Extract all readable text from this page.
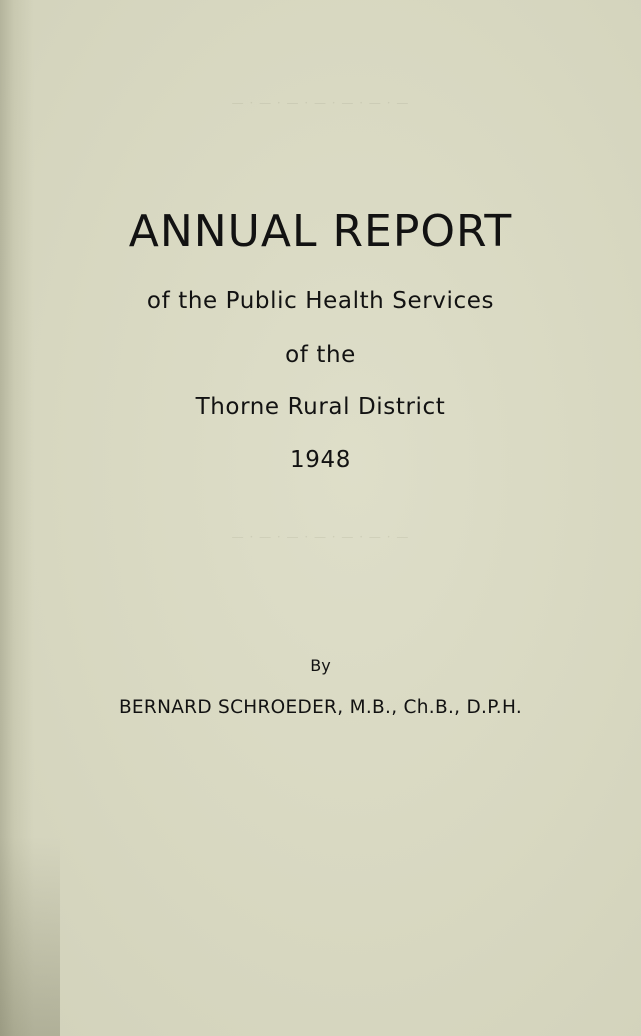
— · — · — · — · — · — · —
— · — · — · — · — · — · —
ANNUAL REPORT
of the Public Health Services
of the
Thorne Rural District
1948
By
BERNARD SCHROEDER, M.B., Ch.B., D.P.H.
